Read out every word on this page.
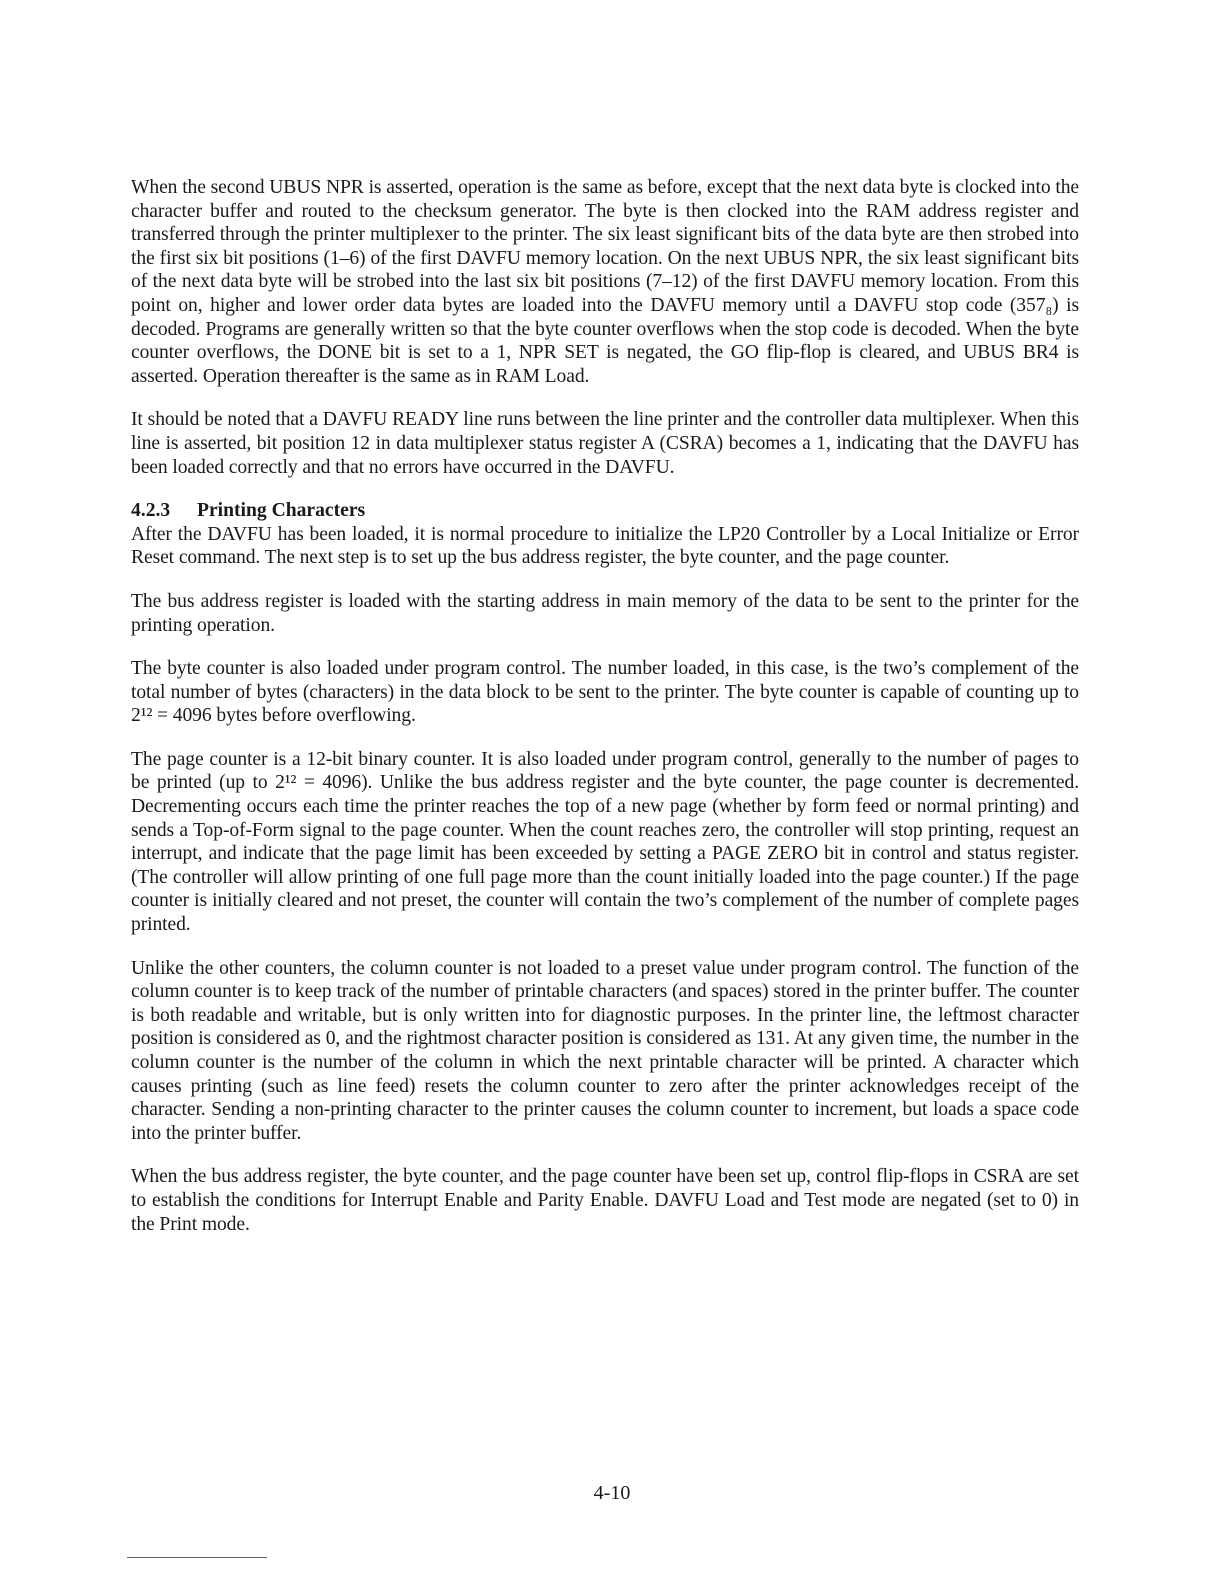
When the second UBUS NPR is asserted, operation is the same as before, except that the next data byte is clocked into the character buffer and routed to the checksum generator. The byte is then clocked into the RAM address register and transferred through the printer multiplexer to the printer. The six least significant bits of the data byte are then strobed into the first six bit positions (1–6) of the first DAVFU memory location. On the next UBUS NPR, the six least significant bits of the next data byte will be strobed into the last six bit positions (7–12) of the first DAVFU memory location. From this point on, higher and lower order data bytes are loaded into the DAVFU memory until a DAVFU stop code (357₈) is decoded. Programs are generally written so that the byte counter overflows when the stop code is decoded. When the byte counter overflows, the DONE bit is set to a 1, NPR SET is negated, the GO flip-flop is cleared, and UBUS BR4 is asserted. Operation thereafter is the same as in RAM Load.

It should be noted that a DAVFU READY line runs between the line printer and the controller data multiplexer. When this line is asserted, bit position 12 in data multiplexer status register A (CSRA) becomes a 1, indicating that the DAVFU has been loaded correctly and that no errors have occurred in the DAVFU.

4.2.3 Printing Characters

After the DAVFU has been loaded, it is normal procedure to initialize the LP20 Controller by a Local Initialize or Error Reset command. The next step is to set up the bus address register, the byte counter, and the page counter.

The bus address register is loaded with the starting address in main memory of the data to be sent to the printer for the printing operation.

The byte counter is also loaded under program control. The number loaded, in this case, is the two’s complement of the total number of bytes (characters) in the data block to be sent to the printer. The byte counter is capable of counting up to 2¹² = 4096 bytes before overflowing.

The page counter is a 12-bit binary counter. It is also loaded under program control, generally to the number of pages to be printed (up to 2¹² = 4096). Unlike the bus address register and the byte counter, the page counter is decremented. Decrementing occurs each time the printer reaches the top of a new page (whether by form feed or normal printing) and sends a Top-of-Form signal to the page counter. When the count reaches zero, the controller will stop printing, request an interrupt, and indicate that the page limit has been exceeded by setting a PAGE ZERO bit in control and status register. (The controller will allow printing of one full page more than the count initially loaded into the page counter.) If the page counter is initially cleared and not preset, the counter will contain the two’s complement of the number of complete pages printed.

Unlike the other counters, the column counter is not loaded to a preset value under program control. The function of the column counter is to keep track of the number of printable characters (and spaces) stored in the printer buffer. The counter is both readable and writable, but is only written into for diagnostic purposes. In the printer line, the leftmost character position is considered as 0, and the rightmost character position is considered as 131. At any given time, the number in the column counter is the number of the column in which the next printable character will be printed. A character which causes printing (such as line feed) resets the column counter to zero after the printer acknowledges receipt of the character. Sending a non-printing character to the printer causes the column counter to increment, but loads a space code into the printer buffer.

When the bus address register, the byte counter, and the page counter have been set up, control flip-flops in CSRA are set to establish the conditions for Interrupt Enable and Parity Enable. DAVFU Load and Test mode are negated (set to 0) in the Print mode.

4-10
